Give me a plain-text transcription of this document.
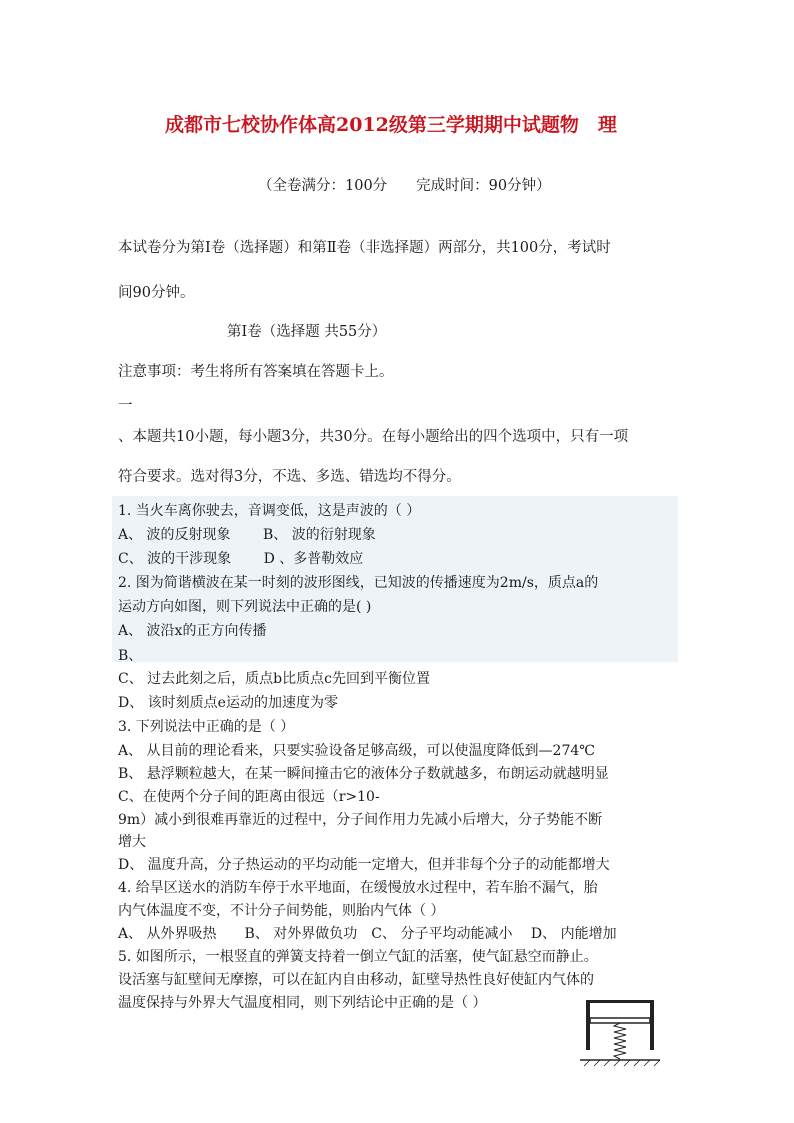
成都市七校协作体高2012级第三学期期中试题物　理
（全卷满分：100分　　完成时间：90分钟）
本试卷分为第Ⅰ卷（选择题）和第Ⅱ卷（非选择题）两部分，共100分，考试时
间90分钟。
第Ⅰ卷（选择题 共55分）
注意事项：考生将所有答案填在答题卡上。
一
、本题共10小题，每小题3分，共30分。在每小题给出的四个选项中，只有一项
符合要求。选对得3分，不选、多选、错选均不得分。
1. 当火车离你驶去，音调变低，这是声波的（ ）
A、 波的反射现象　　 B、 波的衍射现象
C、 波的干涉现象　　 D 、多普勒效应
2. 图为简谐横波在某一时刻的波形图线，已知波的传播速度为2m/s，质点a的
运动方向如图，则下列说法中正确的是( )
A、 波沿x的正方向传播
B、
C、 过去此刻之后，质点b比质点c先回到平衡位置
D、 该时刻质点e运动的加速度为零
3. 下列说法中正确的是（ ）
A、 从目前的理论看来，只要实验设备足够高级，可以使温度降低到—274℃
B、 悬浮颗粒越大，在某一瞬间撞击它的液体分子数就越多，布朗运动就越明显
C、在使两个分子间的距离由很远（r>10-
9m）减小到很难再靠近的过程中，分子间作用力先减小后增大，分子势能不断
增大
D、 温度升高，分子热运动的平均动能一定增大，但并非每个分子的动能都增大
4. 给旱区送水的消防车停于水平地面，在缓慢放水过程中，若车胎不漏气，胎
内气体温度不变，不计分子间势能，则胎内气体（ ）
A、 从外界吸热　　B、 对外界做负功　C、 分子平均动能减小　 D、 内能增加
5. 如图所示，一根竖直的弹簧支持着一倒立气缸的活塞，使气缸悬空而静止。
设活塞与缸壁间无摩擦，可以在缸内自由移动，缸壁导热性良好使缸内气体的
温度保持与外界大气温度相同，则下列结论中正确的是（ ）
